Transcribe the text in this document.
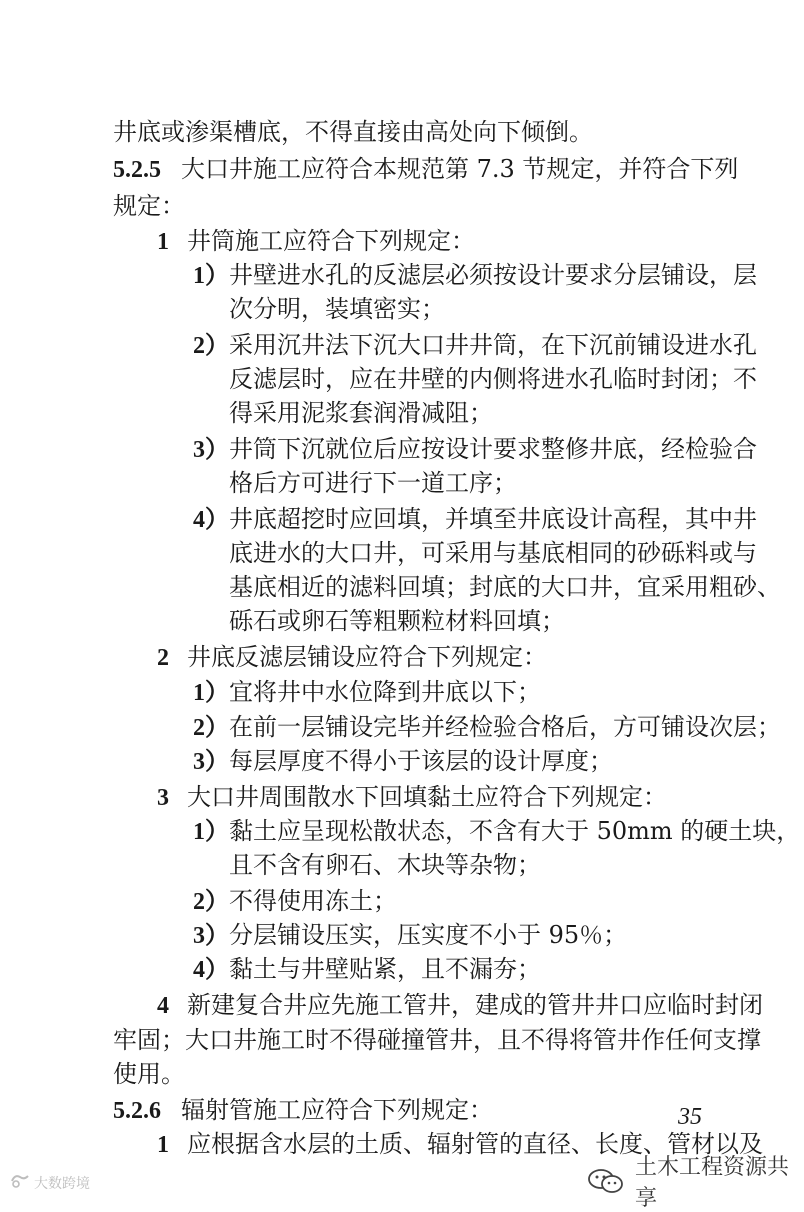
井底或渗渠槽底，不得直接由高处向下倾倒。
5.2.5 大口井施工应符合本规范第 7.3 节规定，并符合下列
规定：
1 井筒施工应符合下列规定：
1）井壁进水孔的反滤层必须按设计要求分层铺设，层
次分明，装填密实；
2）采用沉井法下沉大口井井筒，在下沉前铺设进水孔
反滤层时，应在井壁的内侧将进水孔临时封闭；不
得采用泥浆套润滑减阻；
3）井筒下沉就位后应按设计要求整修井底，经检验合
格后方可进行下一道工序；
4）井底超挖时应回填，并填至井底设计高程，其中井
底进水的大口井，可采用与基底相同的砂砾料或与
基底相近的滤料回填；封底的大口井，宜采用粗砂、
砾石或卵石等粗颗粒材料回填；
2 井底反滤层铺设应符合下列规定：
1）宜将井中水位降到井底以下；
2）在前一层铺设完毕并经检验合格后，方可铺设次层；
3）每层厚度不得小于该层的设计厚度；
3 大口井周围散水下回填黏土应符合下列规定：
1）黏土应呈现松散状态，不含有大于 50mm 的硬土块，
且不含有卵石、木块等杂物；
2）不得使用冻土；
3）分层铺设压实，压实度不小于 95％；
4）黏土与井壁贴紧，且不漏夯；
4 新建复合井应先施工管井，建成的管井井口应临时封闭
牢固；大口井施工时不得碰撞管井，且不得将管井作任何支撑
使用。
5.2.6 辐射管施工应符合下列规定：
1 应根据含水层的土质、辐射管的直径、长度、管材以及
35
土木工程资源共享
大数跨境
